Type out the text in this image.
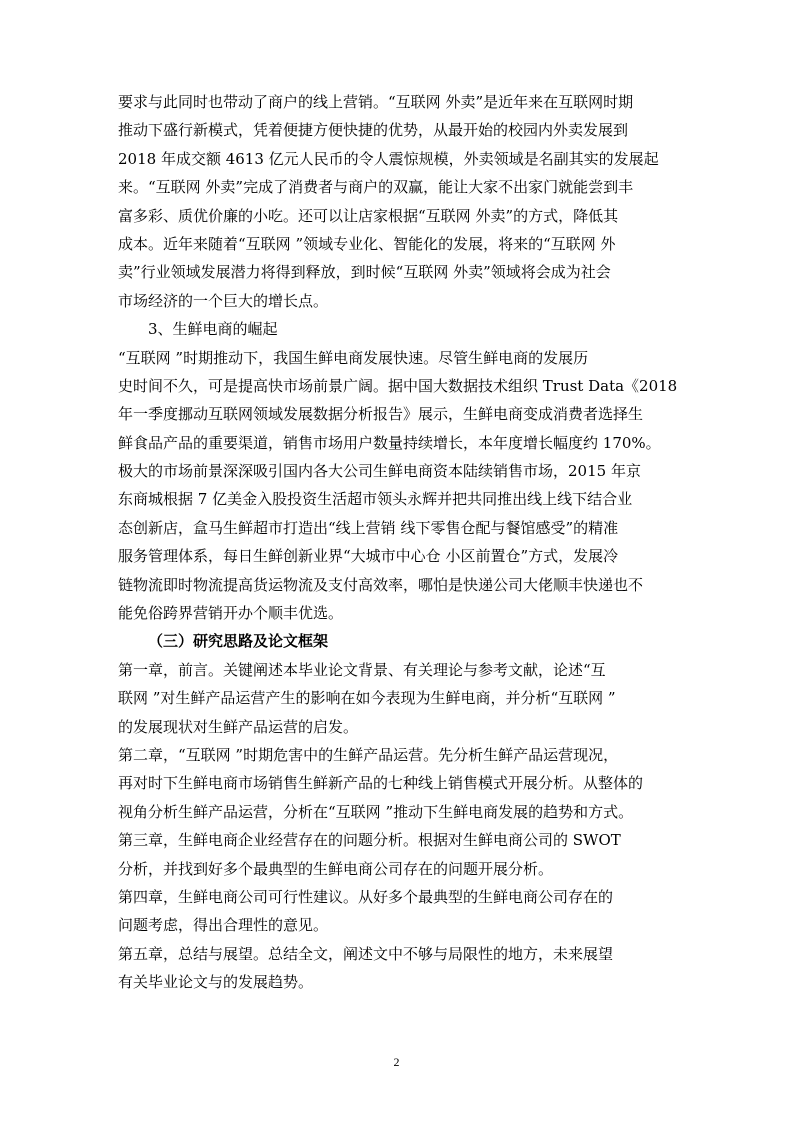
要求与此同时也带动了商户的线上营销。“互联网 外卖”是近年来在互联网时期
推动下盛行新模式，凭着便捷方便快捷的优势，从最开始的校园内外卖发展到
2018 年成交额 4613 亿元人民币的令人震惊规模，外卖领域是名副其实的发展起
来。“互联网 外卖”完成了消费者与商户的双赢，能让大家不出家门就能尝到丰
富多彩、质优价廉的小吃。还可以让店家根据“互联网 外卖”的方式，降低其
成本。近年来随着“互联网 ”领域专业化、智能化的发展，将来的“互联网 外
卖”行业领域发展潜力将得到释放，到时候“互联网 外卖”领域将会成为社会
市场经济的一个巨大的增长点。
3、生鲜电商的崛起
“互联网 ”时期推动下，我国生鲜电商发展快速。尽管生鲜电商的发展历
史时间不久，可是提高快市场前景广阔。据中国大数据技术组织 Trust Data《2018
年一季度挪动互联网领域发展数据分析报告》展示，生鲜电商变成消费者选择生
鲜食品产品的重要渠道，销售市场用户数量持续增长，本年度增长幅度约 170%。
极大的市场前景深深吸引国内各大公司生鲜电商资本陆续销售市场，2015 年京
东商城根据 7 亿美金入股投资生活超市领头永辉并把共同推出线上线下结合业
态创新店，盒马生鲜超市打造出“线上营销 线下零售仓配与餐馆感受”的精准
服务管理体系，每日生鲜创新业界“大城市中心仓 小区前置仓”方式，发展冷
链物流即时物流提高货运物流及支付高效率，哪怕是快递公司大佬顺丰快递也不
能免俗跨界营销开办个顺丰优选。
（三）研究思路及论文框架
第一章，前言。关键阐述本毕业论文背景、有关理论与参考文献，论述“互
联网 ”对生鲜产品运营产生的影响在如今表现为生鲜电商，并分析“互联网 ”
的发展现状对生鲜产品运营的启发。
第二章，“互联网 ”时期危害中的生鲜产品运营。先分析生鲜产品运营现况，
再对时下生鲜电商市场销售生鲜新产品的七种线上销售模式开展分析。从整体的
视角分析生鲜产品运营，分析在“互联网 ”推动下生鲜电商发展的趋势和方式。
第三章，生鲜电商企业经营存在的问题分析。根据对生鲜电商公司的 SWOT
分析，并找到好多个最典型的生鲜电商公司存在的问题开展分析。
第四章，生鲜电商公司可行性建议。从好多个最典型的生鲜电商公司存在的
问题考虑，得出合理性的意见。
第五章，总结与展望。总结全文，阐述文中不够与局限性的地方，未来展望
有关毕业论文与的发展趋势。
2
